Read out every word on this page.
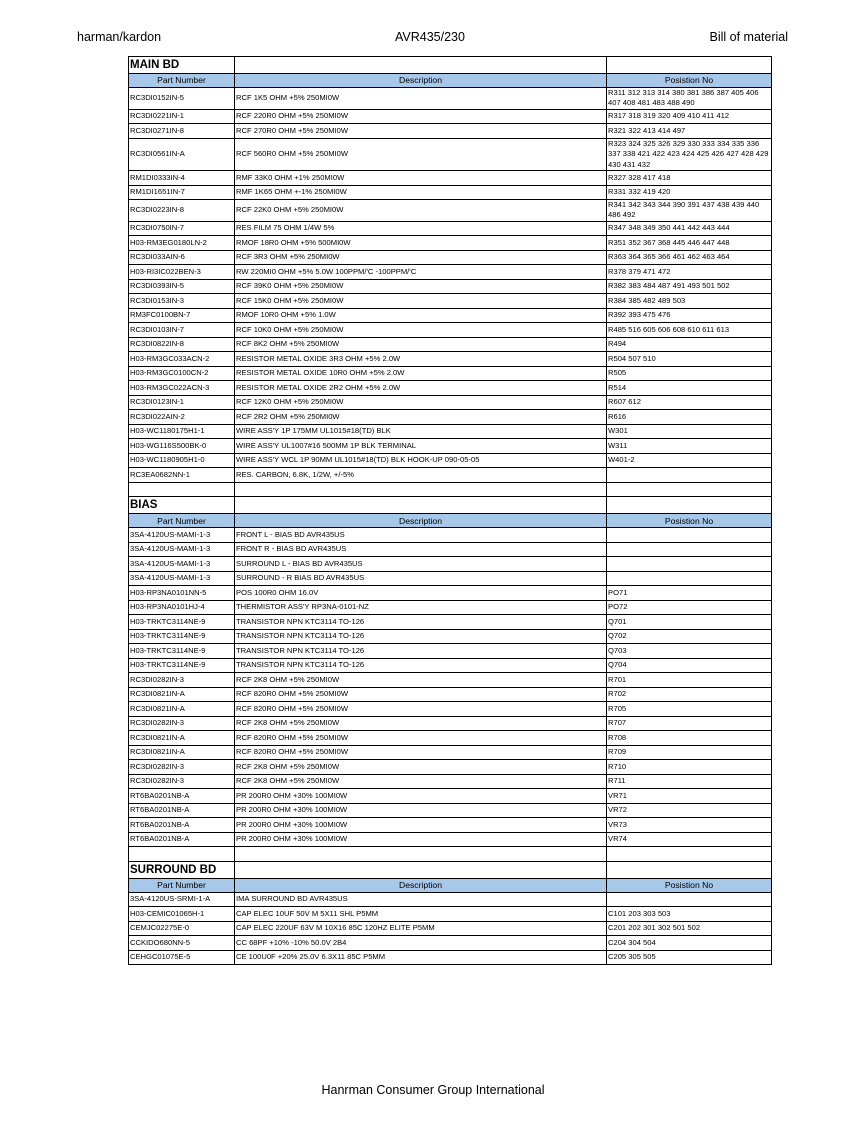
harman/kardon	AVR435/230	Bill of material
MAIN BD		
Part Number	Description	Posistion No
RC3DI0152IN-5	RCF 1K5 OHM +5% 250MI0W	R311 312 313 314 380 381 386 387 405 406 407 408 481 483 488 490
RC3DI0221IN-1	RCF 220R0 OHM +5% 250MI0W	R317 318 319 320 409 410 411 412
RC3DI0271IN-8	RCF 270R0 OHM +5% 250MI0W	R321 322 413 414 497
RC3DI0561IN-A	RCF 560R0 OHM +5% 250MI0W	R323 324 325 326 329 330 333 334 335 336 337 338 421 422 423 424 425 426 427 428 429 430 431 432
RM1DI0333IN-4	RMF 33K0 OHM +1% 250MI0W	R327 328 417 418
RM1DI1651IN-7	RMF 1K65 OHM +-1% 250MI0W	R331 332 419 420
RC3DI0223IN-8	RCF 22K0 OHM +5% 250MI0W	R341 342 343 344 390 391 437 438 439 440 486 492
RC3DI0750IN-7	RES FILM 75 OHM 1/4W 5%	R347 348 349 350 441 442 443 444
H03-RM3EG0180LN-2	RMOF 18R0 OHM +5% 500MI0W	R351 352 367 368 445 446 447 448
RC3DI033AIN-6	RCF 3R3 OHM +5% 250MI0W	R363 364 365 366 461 462 463 464
H03-RI3IC022BEN-3	RW 220MI0 OHM +5% 5.0W 100PPM/'C -100PPM/'C	R378 379 471 472
RC3DI0393IN-5	RCF 39K0 OHM +5% 250MI0W	R382 383 484 487 491 493 501 502
RC3DI0153IN-3	RCF 15K0 OHM +5% 250MI0W	R384 385 482 489 503
RM3FC0100BN-7	RMOF 10R0 OHM +5% 1.0W	R392 393 475 476
RC3DI0103IN-7	RCF 10K0 OHM +5% 250MI0W	R485 516 605 606 608 610 611 613
RC3DI0822IN-8	RCF 8K2 OHM +5% 250MI0W	R494
H03-RM3GC033ACN-2	RESISTOR METAL OXIDE 3R3 OHM +5% 2.0W	R504 507 510
H03-RM3GC0100CN-2	RESISTOR METAL OXIDE 10R0 OHM +5% 2.0W	R505
H03-RM3GC022ACN-3	RESISTOR METAL OXIDE 2R2 OHM +5% 2.0W	R514
RC3DI0123IN-1	RCF 12K0 OHM +5% 250MI0W	R607 612
RC3DI022AIN-2	RCF 2R2 OHM +5% 250MI0W	R616
H03-WC1180175H1-1	WIRE ASS'Y 1P 175MM UL1015#18(TD) BLK	W301
H03-WG116S500BK-0	WIRE ASS'Y UL1007#16 500MM 1P BLK TERMINAL	W311
H03-WC1180905H1-0	WIRE ASS'Y WCL 1P 90MM UL1015#18(TD) BLK HOOK-UP 090-05-05	W401-2
RC3EA0682NN-1	RES. CARBON, 6.8K, 1/2W, +/-5%	

BIAS		
Part Number	Description	Posistion No
3SA-4120US-MAMI-1-3	FRONT L - BIAS BD AVR435US	
3SA-4120US-MAMI-1-3	FRONT R - BIAS BD AVR435US	
3SA-4120US-MAMI-1-3	SURROUND L - BIAS BD AVR435US	
3SA-4120US-MAMI-1-3	SURROUND - R BIAS BD AVR435US	
H03-RP3NA0101NN-5	POS 100R0 OHM 16.0V	PO71
H03-RP3NA0101HJ-4	THERMISTOR ASS'Y RP3NA-0101-NZ	PO72
H03-TRKTC3114NE-9	TRANSISTOR NPN KTC3114 TO-126	Q701
H03-TRKTC3114NE-9	TRANSISTOR NPN KTC3114 TO-126	Q702
H03-TRKTC3114NE-9	TRANSISTOR NPN KTC3114 TO-126	Q703
H03-TRKTC3114NE-9	TRANSISTOR NPN KTC3114 TO-126	Q704
RC3DI0282IN-3	RCF 2K8 OHM +5% 250MI0W	R701
RC3DI0821IN-A	RCF 820R0 OHM +5% 250MI0W	R702
RC3DI0821IN-A	RCF 820R0 OHM +5% 250MI0W	R705
RC3DI0282IN-3	RCF 2K8 OHM +5% 250MI0W	R707
RC3DI0821IN-A	RCF 820R0 OHM +5% 250MI0W	R708
RC3DI0821IN-A	RCF 820R0 OHM +5% 250MI0W	R709
RC3DI0282IN-3	RCF 2K8 OHM +5% 250MI0W	R710
RC3DI0282IN-3	RCF 2K8 OHM +5% 250MI0W	R711
RT6BA0201NB-A	PR 200R0 OHM +30% 100MI0W	VR71
RT6BA0201NB-A	PR 200R0 OHM +30% 100MI0W	VR72
RT6BA0201NB-A	PR 200R0 OHM +30% 100MI0W	VR73
RT6BA0201NB-A	PR 200R0 OHM +30% 100MI0W	VR74

SURROUND BD		
Part Number	Description	Posistion No
3SA-4120US-SRMI-1-A	IMA SURROUND BD AVR435US	
H03-CEMIC01065H-1	CAP ELEC 10UF 50V M 5X11 SHL P5MM	C101 203 303 503
CEMJC02275E-0	CAP ELEC 220UF 63V M 10X16 85C 120HZ ELITE P5MM	C201 202 301 302 501 502
CCKIDO680NN-5	CC 68PF +10% -10% 50.0V 2B4	C204 304 504
CEHGC01075E-5	CE 100U0F +20% 25.0V 6.3X11 85C P5MM	C205 305 505
Hanrman Consumer Group International
